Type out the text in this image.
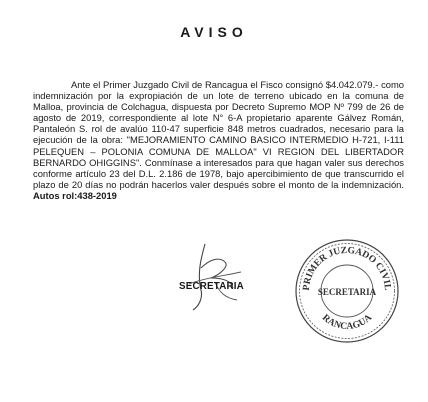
AVISO

Ante el Primer Juzgado Civil de Rancagua el Fisco consignó $4.042.079.- como indemnización por la expropiación de un lote de terreno ubicado en la comuna de Malloa, provincia de Colchagua, dispuesta por Decreto Supremo MOP Nº 799 de 26 de agosto de 2019, correspondiente al lote N° 6-A propietario aparente Gálvez Román, Pantaleón S. rol de avalúo 110-47 superficie 848 metros cuadrados, necesario para la ejecución de la obra: "MEJORAMIENTO CAMINO BASICO INTERMEDIO H-721, I-111 PELEQUEN – POLONIA COMUNA DE MALLOA" VI REGION DEL LIBERTADOR BERNARDO OHIGGINS". Conmínase a interesados para que hagan valer sus derechos conforme artículo 23 del D.L. 2.186 de 1978, bajo apercibimiento de que transcurrido el plazo de 20 días no podrán hacerlos valer después sobre el monto de la indemnización. Autos rol:438-2019

SECRETARIA	PRIMER JUZGADO CIVIL
RANCAGUA
SECRETARIA
